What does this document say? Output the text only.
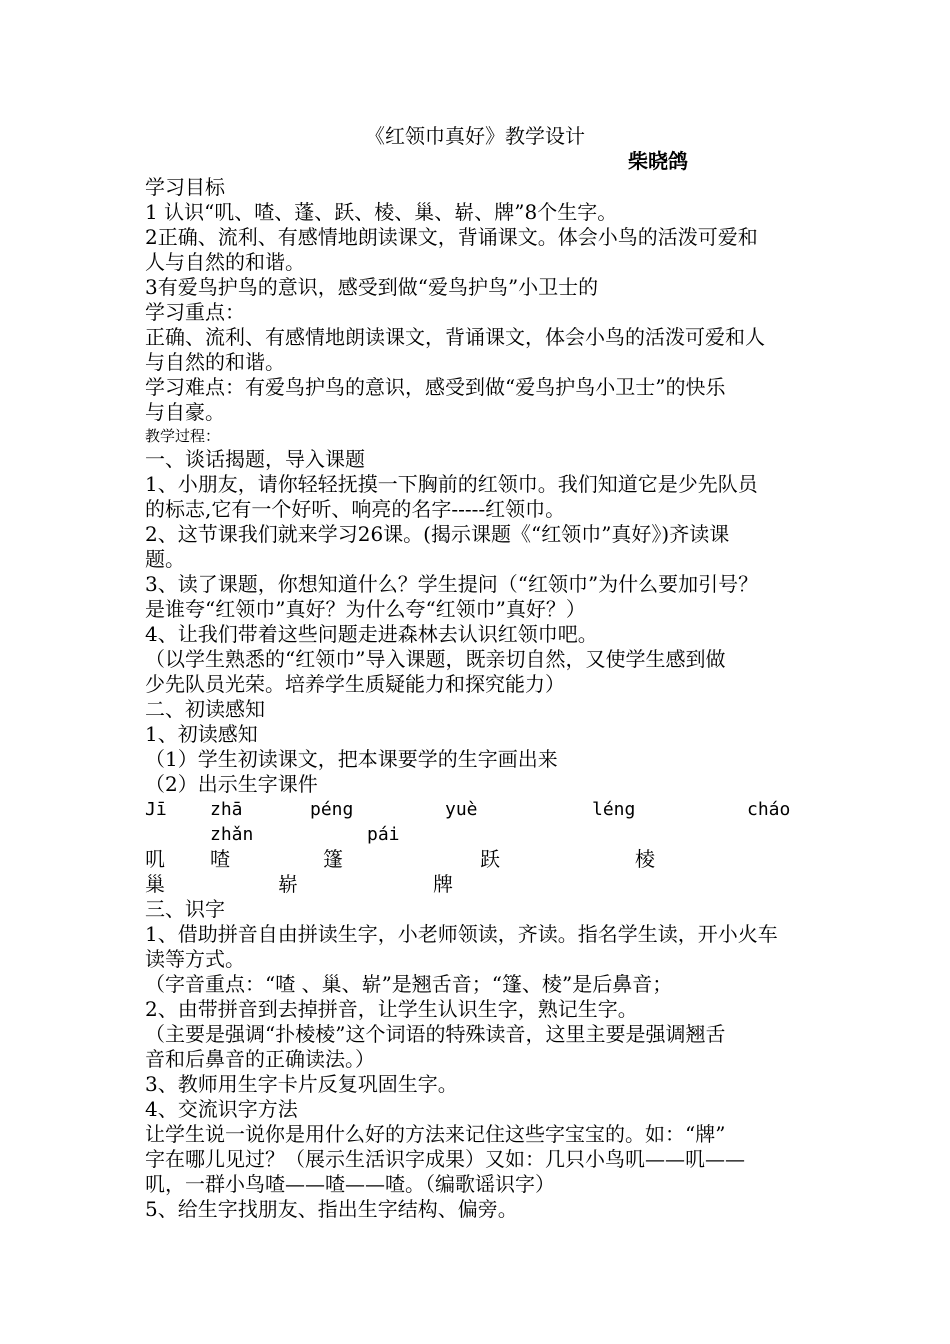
《红领巾真好》教学设计
柴晓鸽
学习目标
1 认识“叽、喳、蓬、跃、棱、巢、崭、牌”8个生字。
2正确、流利、有感情地朗读课文，背诵课文。体会小鸟的活泼可爱和
人与自然的和谐。
3有爱鸟护鸟的意识，感受到做“爱鸟护鸟”小卫士的
学习重点：
正确、流利、有感情地朗读课文，背诵课文，体会小鸟的活泼可爱和人
与自然的和谐。
学习难点：有爱鸟护鸟的意识，感受到做“爱鸟护鸟小卫士”的快乐
与自豪。
教学过程：
一、谈话揭题，导入课题
1、小朋友，请你轻轻抚摸一下胸前的红领巾。我们知道它是少先队员
的标志,它有一个好听、响亮的名字-----红领巾。
2、这节课我们就来学习26课。(揭示课题《“红领巾”真好》)齐读课
题。
3、读了课题，你想知道什么？学生提问（“红领巾”为什么要加引号？
是谁夸“红领巾”真好？为什么夸“红领巾”真好？）
4、让我们带着这些问题走进森林去认识红领巾吧。
（以学生熟悉的“红领巾”导入课题，既亲切自然，又使学生感到做
少先队员光荣。培养学生质疑能力和探究能力）
二、初读感知
1、初读感知
（1）学生初读课文，把本课要学的生字画出来
（2）出示生字课件
Jī zhā	péng	yuè	léng	cháo
zhǎn	pái
叽 喳	篷	跃	棱
巢	崭	牌
三、识字
1、借助拼音自由拼读生字，小老师领读，齐读。指名学生读，开小火车
读等方式。
（字音重点：“喳 、巢、崭”是翘舌音；“篷、棱”是后鼻音；
2、由带拼音到去掉拼音，让学生认识生字，熟记生字。
（主要是强调“扑棱棱”这个词语的特殊读音，这里主要是强调翘舌
音和后鼻音的正确读法。）
3、教师用生字卡片反复巩固生字。
4、交流识字方法
让学生说一说你是用什么好的方法来记住这些字宝宝的。如：“牌”
字在哪儿见过？（展示生活识字成果）又如：几只小鸟叽——叽——
叽，一群小鸟喳——喳——喳。（编歌谣识字）
5、给生字找朋友、指出生字结构、偏旁。
